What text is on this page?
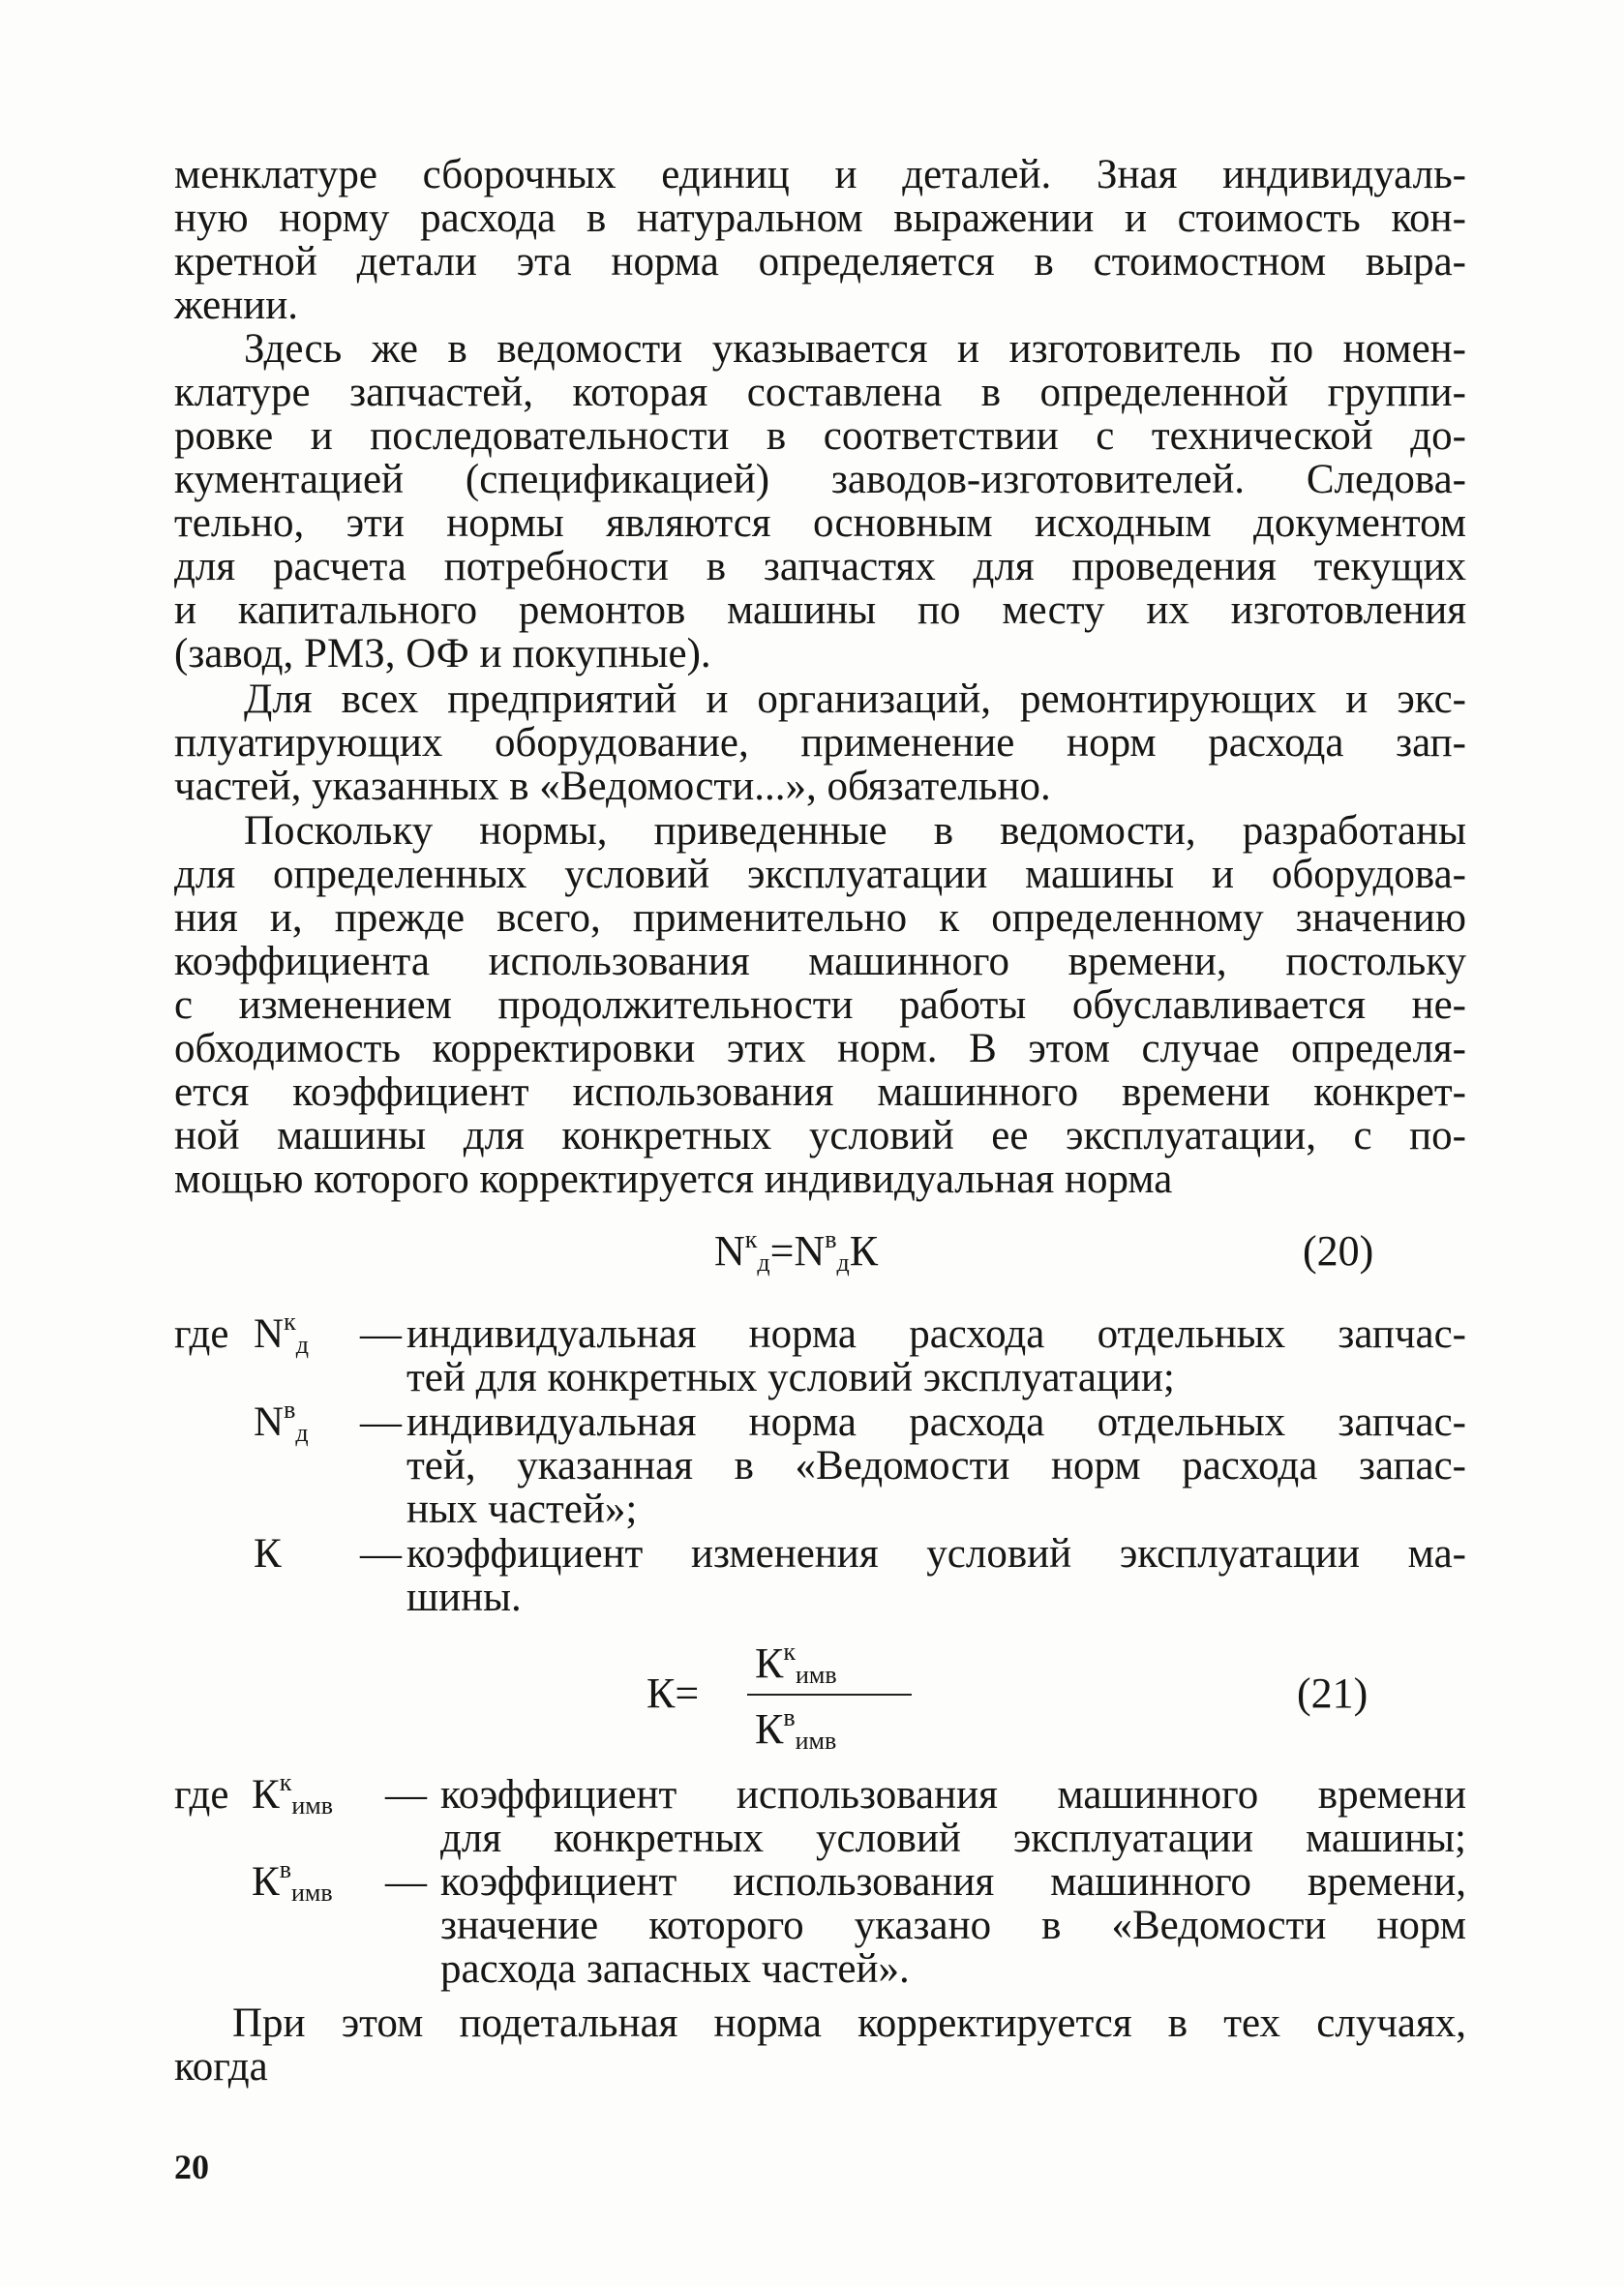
менклатуре сборочных единиц и деталей. Зная индивидуаль-
ную норму расхода в натуральном выражении и стоимость кон-
кретной детали эта норма определяется в стоимостном выра-
жении.
Здесь же в ведомости указывается и изготовитель по номен-
клатуре запчастей, которая составлена в определенной группи-
ровке и последовательности в соответствии с технической до-
кументацией (спецификацией) заводов-изготовителей. Следова-
тельно, эти нормы являются основным исходным документом
для расчета потребности в запчастях для проведения текущих
и капитального ремонтов машины по месту их изготовления
(завод, РМЗ, ОФ и покупные).
Для всех предприятий и организаций, ремонтирующих и экс-
плуатирующих оборудование, применение норм расхода зап-
частей, указанных в «Ведомости...», обязательно.
Поскольку нормы, приведенные в ведомости, разработаны
для определенных условий эксплуатации машины и оборудова-
ния и, прежде всего, применительно к определенному значению
коэффициента использования машинного времени, постольку
с изменением продолжительности работы обуславливается не-
обходимость корректировки этих норм. В этом случае определя-
ется коэффициент использования машинного времени конкрет-
ной машины для конкретных условий ее эксплуатации, с по-
мощью которого корректируется индивидуальная норма
$N^к_д=N^в_дК$	(20)
где $N^к_д$ — индивидуальная норма расхода отдельных запчас-
тей для конкретных условий эксплуатации;
$N^в_д$ — индивидуальная норма расхода отдельных запчас-
тей, указанная в «Ведомости норм расхода запас-
ных частей»;
К — коэффициент изменения условий эксплуатации ма-
шины.
К=
$К^к_{имв}$
$К^в_{имв}$
(21)
где $К^к_{имв}$ — коэффициент использования машинного времени
для конкретных условий эксплуатации машины;
$К^в_{имв}$ — коэффициент использования машинного времени,
значение которого указано в «Ведомости норм
расхода запасных частей».
При этом подетальная норма корректируется в тех случаях,
когда
20
